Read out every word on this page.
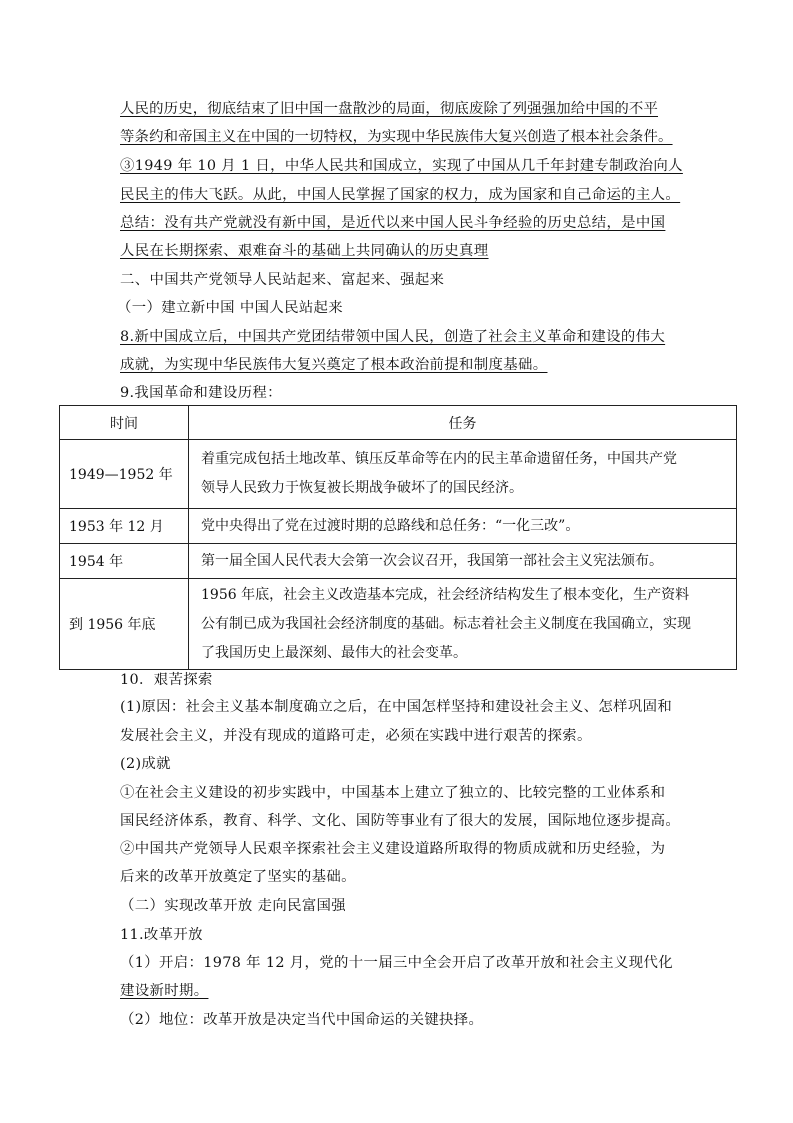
人民的历史，彻底结束了旧中国一盘散沙的局面，彻底废除了列强强加给中国的不平
等条约和帝国主义在中国的一切特权，为实现中华民族伟大复兴创造了根本社会条件。
③1949 年 10 月 1 日，中华人民共和国成立，实现了中国从几千年封建专制政治向人
民民主的伟大飞跃。从此，中国人民掌握了国家的权力，成为国家和自己命运的主人。
总结：没有共产党就没有新中国，是近代以来中国人民斗争经验的历史总结，是中国
人民在长期探索、艰难奋斗的基础上共同确认的历史真理
二、中国共产党领导人民站起来、富起来、强起来
（一）建立新中国 中国人民站起来
8.新中国成立后，中国共产党团结带领中国人民，创造了社会主义革命和建设的伟大
成就，为实现中华民族伟大复兴奠定了根本政治前提和制度基础。
9.我国革命和建设历程：
时间	任务
1949—1952 年	着重完成包括土地改革、镇压反革命等在内的民主革命遗留任务，中国共产党
领导人民致力于恢复被长期战争破坏了的国民经济。

1953 年 12 月	党中央得出了党在过渡时期的总路线和总任务：“一化三改”。

1954 年	第一届全国人民代表大会第一次会议召开，我国第一部社会主义宪法颁布。

到 1956 年底	1956 年底，社会主义改造基本完成，社会经济结构发生了根本变化，生产资料
公有制已成为我国社会经济制度的基础。标志着社会主义制度在我国确立，实现
了我国历史上最深刻、最伟大的社会变革。
10．艰苦探索
(1)原因：社会主义基本制度确立之后，在中国怎样坚持和建设社会主义、怎样巩固和
发展社会主义，并没有现成的道路可走，必须在实践中进行艰苦的探索。
(2)成就
①在社会主义建设的初步实践中，中国基本上建立了独立的、比较完整的工业体系和
国民经济体系，教育、科学、文化、国防等事业有了很大的发展，国际地位逐步提高。
②中国共产党领导人民艰辛探索社会主义建设道路所取得的物质成就和历史经验，为
后来的改革开放奠定了坚实的基础。
（二）实现改革开放 走向民富国强
11.改革开放
（1）开启：1978 年 12 月，党的十一届三中全会开启了改革开放和社会主义现代化
建设新时期。
（2）地位：改革开放是决定当代中国命运的关键抉择。
